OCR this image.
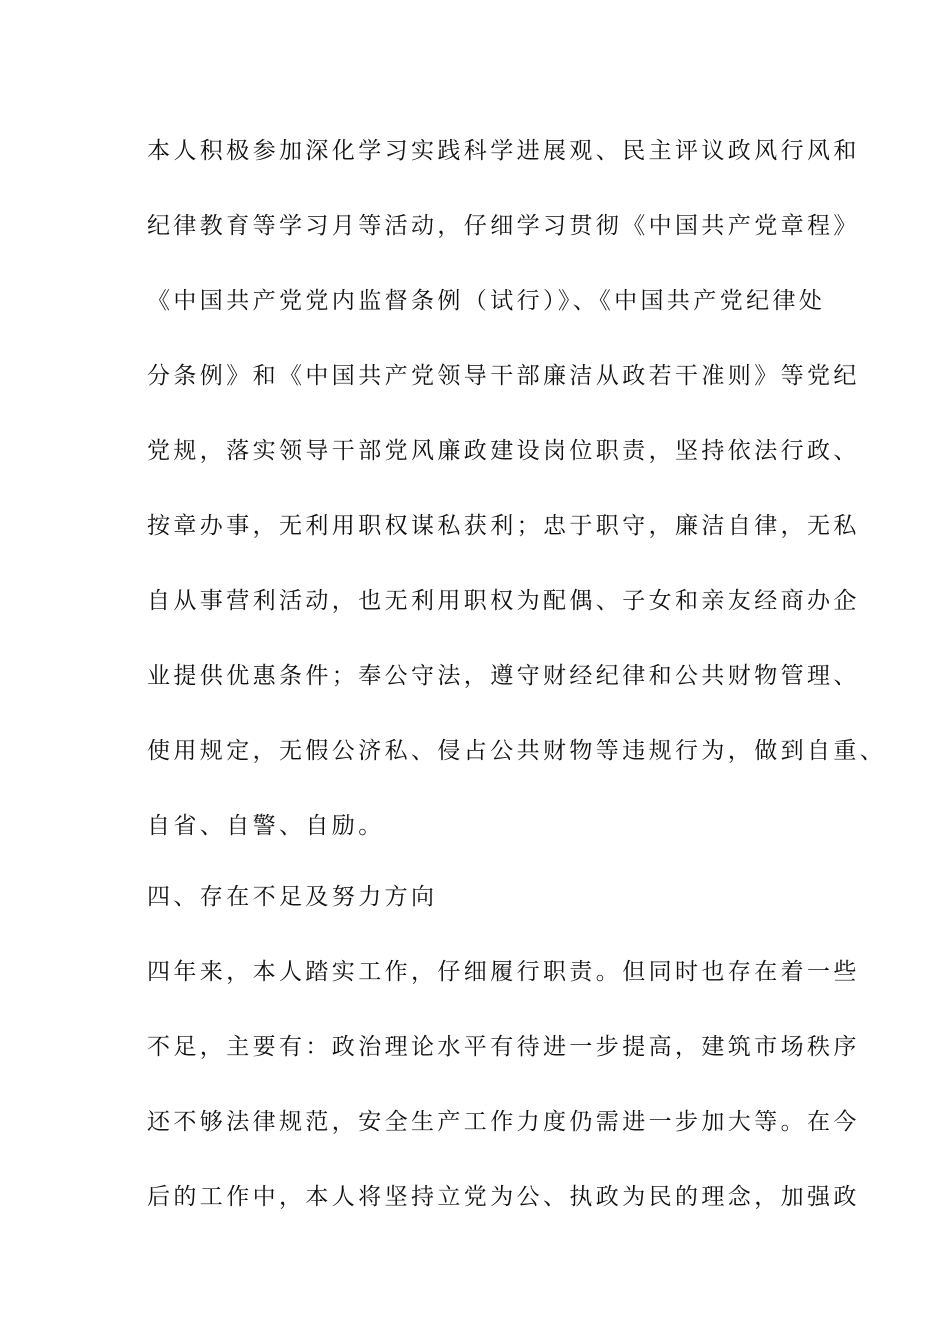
本人积极参加深化学习实践科学进展观、民主评议政风行风和
纪律教育等学习月等活动，仔细学习贯彻《中国共产党章程》
《中国共产党党内监督条例（试行）》、《中国共产党纪律处
分条例》和《中国共产党领导干部廉洁从政若干准则》等党纪
党规，落实领导干部党风廉政建设岗位职责，坚持依法行政、
按章办事，无利用职权谋私获利；忠于职守，廉洁自律，无私
自从事营利活动，也无利用职权为配偶、子女和亲友经商办企
业提供优惠条件；奉公守法，遵守财经纪律和公共财物管理、
使用规定，无假公济私、侵占公共财物等违规行为，做到自重、
自省、自警、自励。
四、存在不足及努力方向
四年来，本人踏实工作，仔细履行职责。但同时也存在着一些
不足，主要有：政治理论水平有待进一步提高，建筑市场秩序
还不够法律规范，安全生产工作力度仍需进一步加大等。在今
后的工作中，本人将坚持立党为公、执政为民的理念，加强政
